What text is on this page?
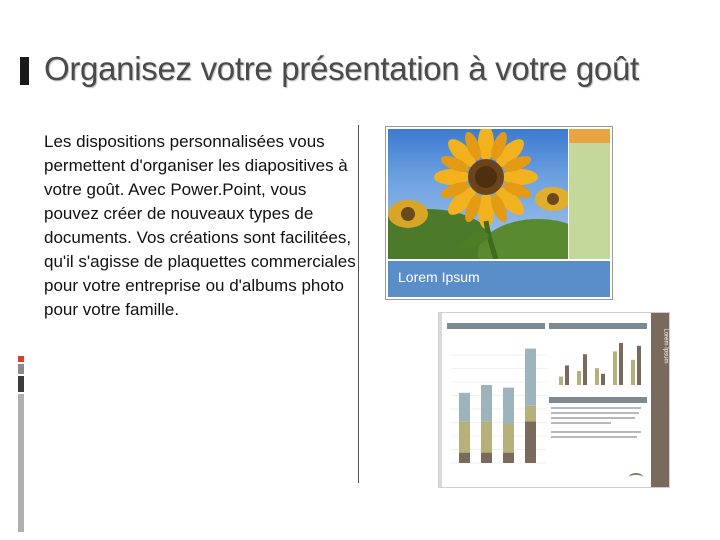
Organisez votre présentation à votre goût

Les dispositions personnalisées vous permettent d'organiser les diapositives à votre goût. Avec Power.Point, vous pouvez créer de nouveaux types de documents. Vos créations sont facilitées, qu'il s'agisse de plaquettes commerciales pour votre entreprise ou d'albums photo pour votre famille.

Lorem Ipsum
Lorem Ipsum
